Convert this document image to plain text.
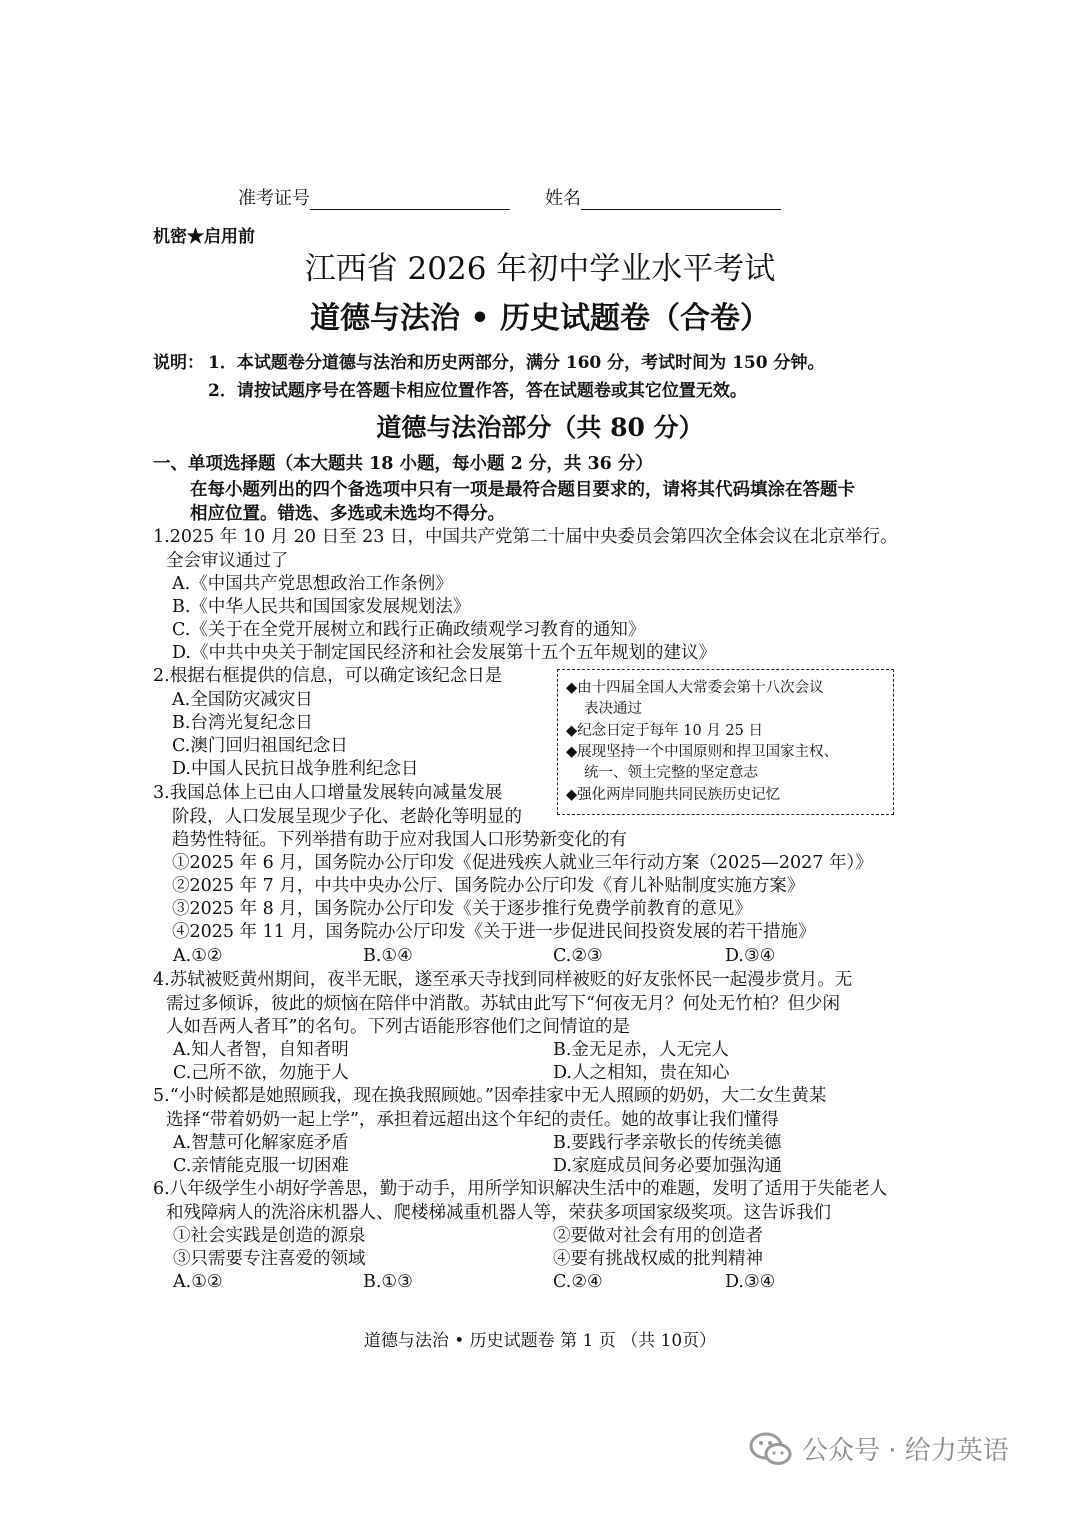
准考证号	姓名
机密★启用前
江西省 2026 年初中学业水平考试
道德与法治 • 历史试题卷（合卷）
说明： 1．本试题卷分道德与法治和历史两部分，满分 160 分，考试时间为 150 分钟。
2．请按试题序号在答题卡相应位置作答，答在试题卷或其它位置无效。
道德与法治部分（共 80 分）
一、单项选择题（本大题共 18 小题，每小题 2 分，共 36 分）
在每小题列出的四个备选项中只有一项是最符合题目要求的，请将其代码填涂在答题卡
相应位置。错选、多选或未选均不得分。
1.2025 年 10 月 20 日至 23 日，中国共产党第二十届中央委员会第四次全体会议在北京举行。
全会审议通过了
A.《中国共产党思想政治工作条例》
B.《中华人民共和国国家发展规划法》
C.《关于在全党开展树立和践行正确政绩观学习教育的通知》
D.《中共中央关于制定国民经济和社会发展第十五个五年规划的建议》
2.根据右框提供的信息，可以确定该纪念日是
A.全国防灾减灾日
B.台湾光复纪念日
C.澳门回归祖国纪念日
D.中国人民抗日战争胜利纪念日
◆由十四届全国人大常委会第十八次会议
表决通过
◆纪念日定于每年 10 月 25 日
◆展现坚持一个中国原则和捍卫国家主权、
统一、领土完整的坚定意志
◆强化两岸同胞共同民族历史记忆
3.我国总体上已由人口增量发展转向减量发展
阶段，人口发展呈现少子化、老龄化等明显的
趋势性特征。下列举措有助于应对我国人口形势新变化的有
①2025 年 6 月，国务院办公厅印发《促进残疾人就业三年行动方案（2025—2027 年）》
②2025 年 7 月，中共中央办公厅、国务院办公厅印发《育儿补贴制度实施方案》
③2025 年 8 月，国务院办公厅印发《关于逐步推行免费学前教育的意见》
④2025 年 11 月，国务院办公厅印发《关于进一步促进民间投资发展的若干措施》
A.①②	B.①④	C.②③	D.③④
4.苏轼被贬黄州期间，夜半无眠，遂至承天寺找到同样被贬的好友张怀民一起漫步赏月。无
需过多倾诉，彼此的烦恼在陪伴中消散。苏轼由此写下“何夜无月？何处无竹柏？但少闲
人如吾两人者耳”的名句。下列古语能形容他们之间情谊的是
A.知人者智，自知者明	B.金无足赤，人无完人
C.己所不欲，勿施于人	D.人之相知，贵在知心
5.“小时候都是她照顾我，现在换我照顾她。”因牵挂家中无人照顾的奶奶，大二女生黄某
选择“带着奶奶一起上学”，承担着远超出这个年纪的责任。她的故事让我们懂得
A.智慧可化解家庭矛盾	B.要践行孝亲敬长的传统美德
C.亲情能克服一切困难	D.家庭成员间务必要加强沟通
6.八年级学生小胡好学善思，勤于动手，用所学知识解决生活中的难题，发明了适用于失能老人
和残障病人的洗浴床机器人、爬楼梯减重机器人等，荣获多项国家级奖项。这告诉我们
①社会实践是创造的源泉	②要做对社会有用的创造者
③只需要专注喜爱的领域	④要有挑战权威的批判精神
A.①②	B.①③	C.②④	D.③④
道德与法治 • 历史试题卷 第 1 页 （共 10页）
公众号 · 给力英语
